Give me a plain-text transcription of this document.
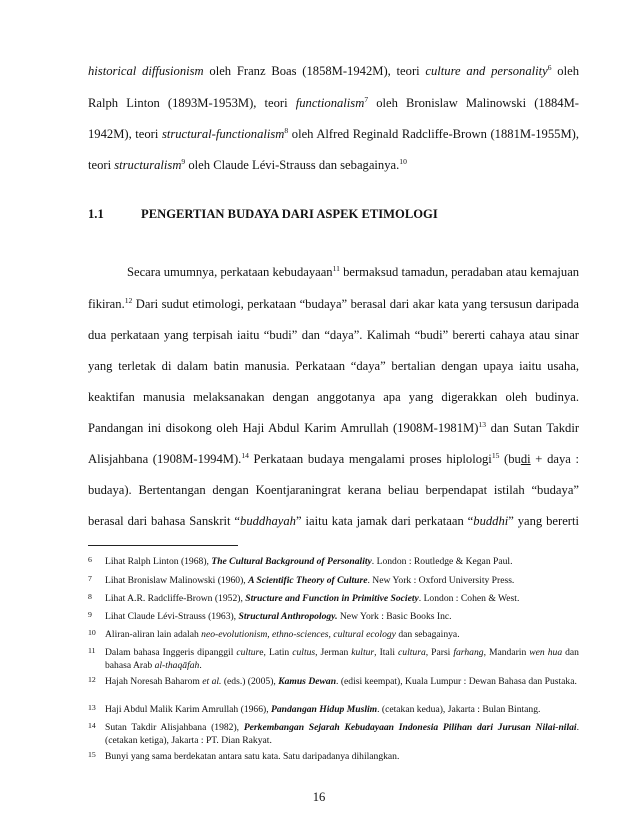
historical diffusionism oleh Franz Boas (1858M-1942M), teori culture and personality$^6$ oleh
Ralph Linton (1893M-1953M), teori functionalism$^7$ oleh Bronislaw Malinowski (1884M-
1942M), teori structural-functionalism$^8$ oleh Alfred Reginald Radcliffe-Brown (1881M-1955M),
teori structuralism$^9$ oleh Claude Lévi-Strauss dan sebagainya.$^{10}$
1.1	PENGERTIAN BUDAYA DARI ASPEK ETIMOLOGI
Secara umumnya, perkataan kebudayaan$^{11}$ bermaksud tamadun, peradaban atau kemajuan
fikiran.$^{12}$ Dari sudut etimologi, perkataan “budaya” berasal dari akar kata yang tersusun daripada
dua perkataan yang terpisah iaitu “budi” dan “daya”. Kalimah “budi” bererti cahaya atau sinar
yang terletak di dalam batin manusia. Perkataan “daya” bertalian dengan upaya iaitu usaha,
keaktifan manusia melaksanakan dengan anggotanya apa yang digerakkan oleh budinya.
Pandangan ini disokong oleh Haji Abdul Karim Amrullah $(1908M-1981M)^{13}$ dan Sutan Takdir
Alisjahbana (1908M-1994M).$^{14}$ Perkataan budaya mengalami proses hiplologi$^{15}$ (budi + daya :
budaya). Bertentangan dengan Koentjaraningrat kerana beliau berpendapat istilah “budaya”
berasal dari bahasa Sanskrit “buddhayah” iaitu kata jamak dari perkataan “buddhi” yang bererti
6 Lihat Ralph Linton (1968), The Cultural Background of Personality. London : Routledge & Kegan Paul.
7 Lihat Bronislaw Malinowski (1960), A Scientific Theory of Culture. New York : Oxford University Press.
8 Lihat A.R. Radcliffe-Brown (1952), Structure and Function in Primitive Society. London : Cohen & West.
9 Lihat Claude Lévi-Strauss (1963), Structural Anthropology. New York : Basic Books Inc.
10 Aliran-aliran lain adalah neo-evolutionism, ethno-sciences, cultural ecology dan sebagainya.
11 Dalam bahasa Inggeris dipanggil culture, Latin cultus, Jerman kultur, Itali cultura, Parsi farhang, Mandarin wen hua dan bahasa Arab al-thaqāfah.
12 Hajah Noresah Baharom et al. (eds.) (2005), Kamus Dewan. (edisi keempat), Kuala Lumpur : Dewan Bahasa dan Pustaka.
13 Haji Abdul Malik Karim Amrullah (1966), Pandangan Hidup Muslim. (cetakan kedua), Jakarta : Bulan Bintang.
14 Sutan Takdir Alisjahbana (1982), Perkembangan Sejarah Kebudayaan Indonesia Pilihan dari Jurusan Nilai-nilai. (cetakan ketiga), Jakarta : PT. Dian Rakyat.
15 Bunyi yang sama berdekatan antara satu kata. Satu daripadanya dihilangkan.
16
